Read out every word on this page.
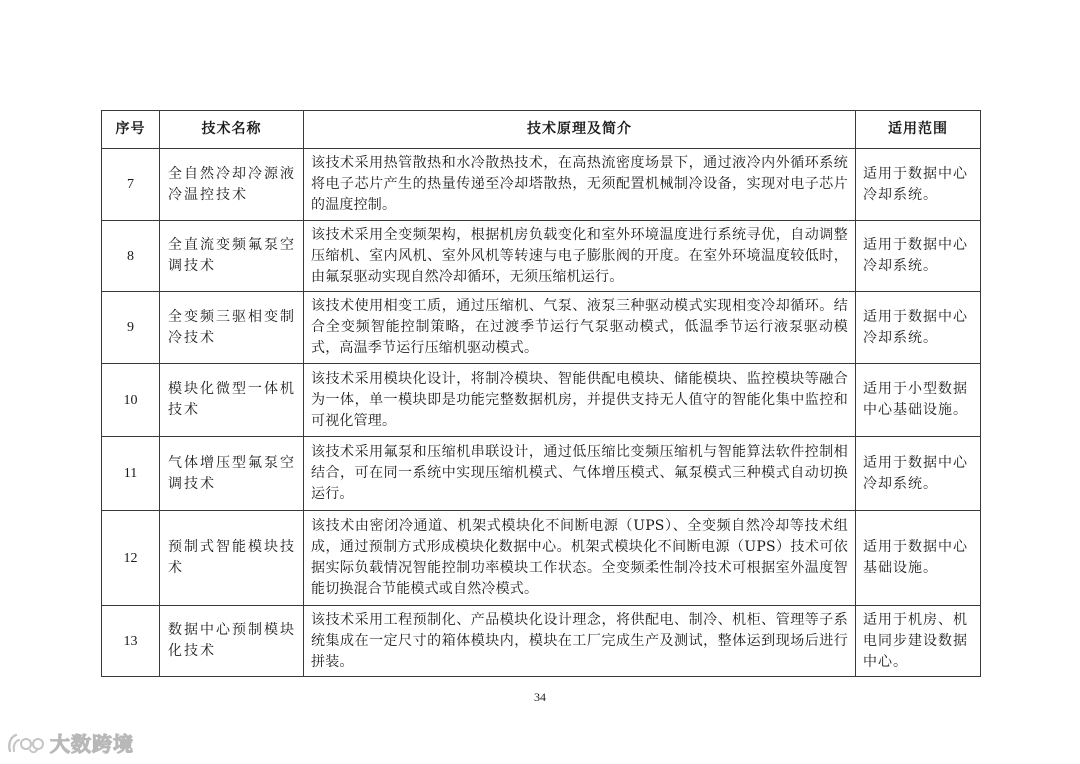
序号	技术名称	技术原理及简介	适用范围
7	全自然冷却冷源液冷温控技术	该技术采用热管散热和水冷散热技术，在高热流密度场景下，通过液冷内外循环系统将电子芯片产生的热量传递至冷却塔散热，无须配置机械制冷设备，实现对电子芯片的温度控制。	适用于数据中心冷却系统。
8	全直流变频氟泵空调技术	该技术采用全变频架构，根据机房负载变化和室外环境温度进行系统寻优，自动调整压缩机、室内风机、室外风机等转速与电子膨胀阀的开度。在室外环境温度较低时，由氟泵驱动实现自然冷却循环，无须压缩机运行。	适用于数据中心冷却系统。
9	全变频三驱相变制冷技术	该技术使用相变工质，通过压缩机、气泵、液泵三种驱动模式实现相变冷却循环。结合全变频智能控制策略，在过渡季节运行气泵驱动模式，低温季节运行液泵驱动模式，高温季节运行压缩机驱动模式。	适用于数据中心冷却系统。
10	模块化微型一体机技术	该技术采用模块化设计，将制冷模块、智能供配电模块、储能模块、监控模块等融合为一体，单一模块即是功能完整数据机房，并提供支持无人值守的智能化集中监控和可视化管理。	适用于小型数据中心基础设施。
11	气体增压型氟泵空调技术	该技术采用氟泵和压缩机串联设计，通过低压缩比变频压缩机与智能算法软件控制相结合，可在同一系统中实现压缩机模式、气体增压模式、氟泵模式三种模式自动切换运行。	适用于数据中心冷却系统。
12	预制式智能模块技术	该技术由密闭冷通道、机架式模块化不间断电源（UPS）、全变频自然冷却等技术组成，通过预制方式形成模块化数据中心。机架式模块化不间断电源（UPS）技术可依据实际负载情况智能控制功率模块工作状态。全变频柔性制冷技术可根据室外温度智能切换混合节能模式或自然冷模式。	适用于数据中心基础设施。
13	数据中心预制模块化技术	该技术采用工程预制化、产品模块化设计理念，将供配电、制冷、机柜、管理等子系统集成在一定尺寸的箱体模块内，模块在工厂完成生产及测试，整体运到现场后进行拼装。	适用于机房、机电同步建设数据中心。
34
大数跨境
